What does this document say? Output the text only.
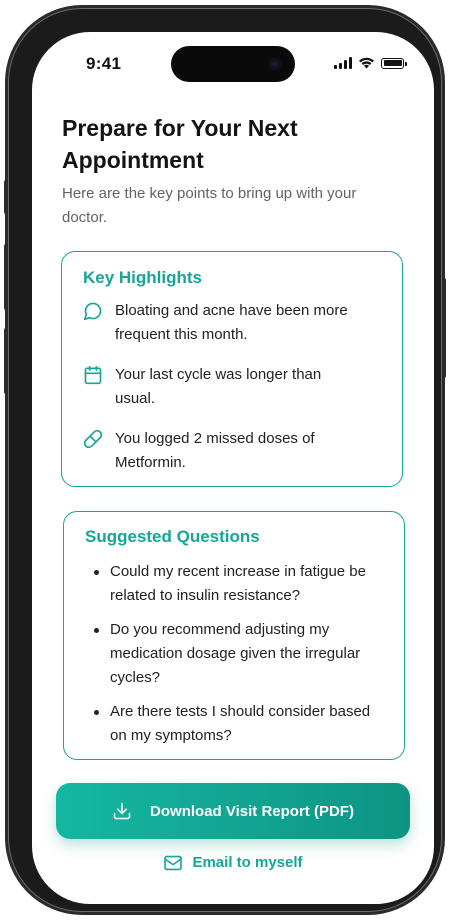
9:41
Prepare for Your Next Appointment

Here are the key points to bring up with your doctor.

Key Highlights
Bloating and acne have been more frequent this month.
Your last cycle was longer than usual.
You logged 2 missed doses of Metformin.
Suggested Questions
Could my recent increase in fatigue be related to insulin resistance?
Do you recommend adjusting my medication dosage given the irregular cycles?
Are there tests I should consider based on my symptoms?
Download Visit Report (PDF)
Email to myself
